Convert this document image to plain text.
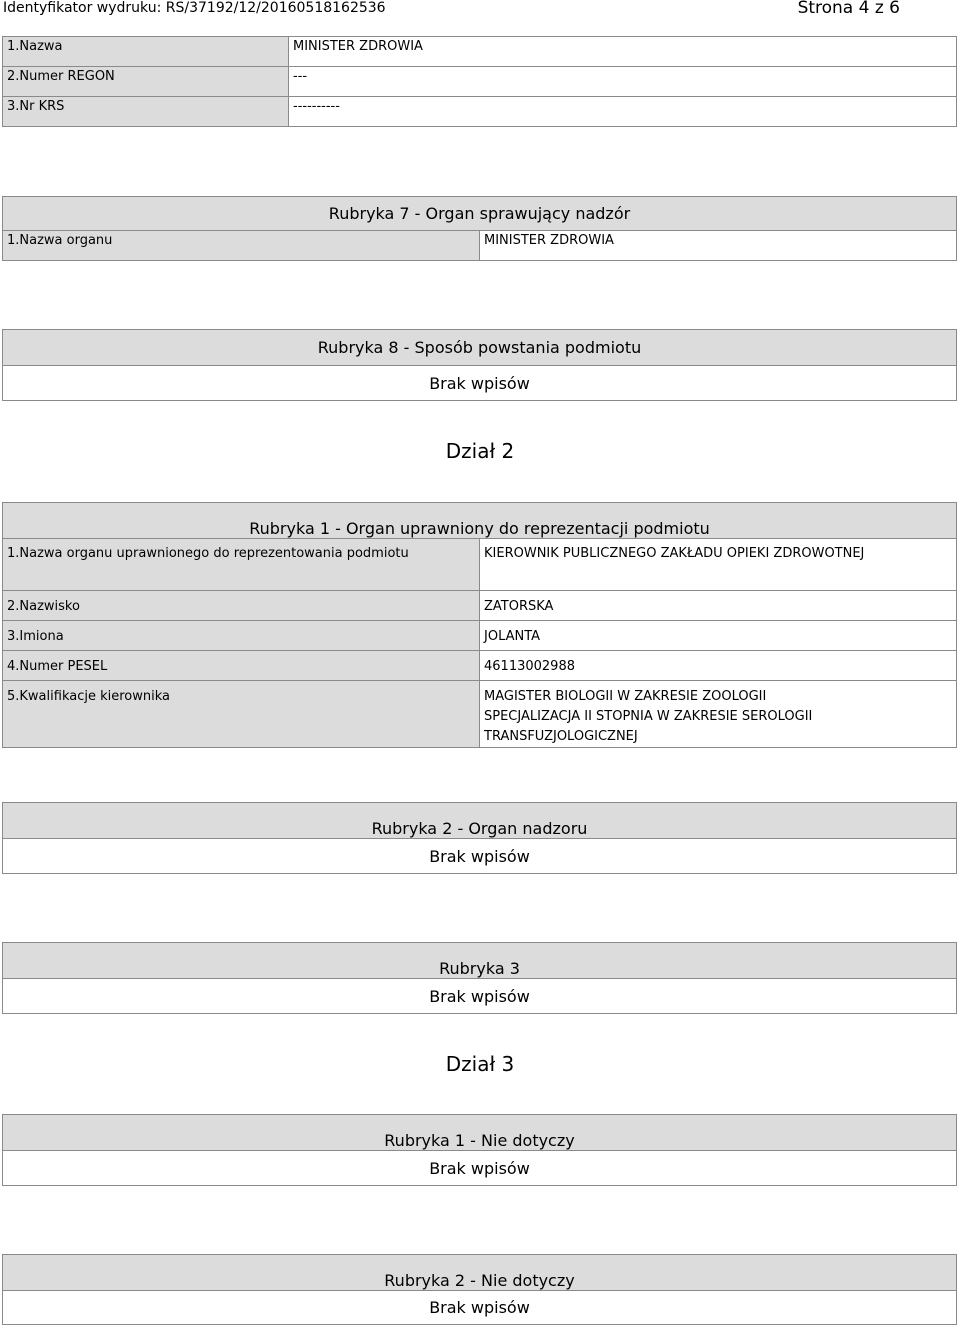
Identyfikator wydruku: RS/37192/12/20160518162536	Strona 4 z 6
1.Nazwa	MINISTER ZDROWIA
2.Numer REGON	---
3.Nr KRS	----------
Rubryka 7 - Organ sprawujący nadzór
1.Nazwa organu	MINISTER ZDROWIA
Rubryka 8 - Sposób powstania podmiotu
Brak wpisów
Dział 2
Rubryka 1 - Organ uprawniony do reprezentacji podmiotu	
1.Nazwa organu uprawnionego do reprezentowania podmiotu	KIEROWNIK PUBLICZNEGO ZAKŁADU OPIEKI ZDROWOTNEJ
2.Nazwisko	ZATORSKA
3.Imiona	JOLANTA
4.Numer PESEL	46113002988
5.Kwalifikacje kierownika	MAGISTER BIOLOGII W ZAKRESIE ZOOLOGII
SPECJALIZACJA II STOPNIA W ZAKRESIE SEROLOGII TRANSFUZJOLOGICZNEJ
Rubryka 2 - Organ nadzoru
Brak wpisów
Rubryka 3
Brak wpisów
Dział 3
Rubryka 1 - Nie dotyczy
Brak wpisów
Rubryka 2 - Nie dotyczy
Brak wpisów
